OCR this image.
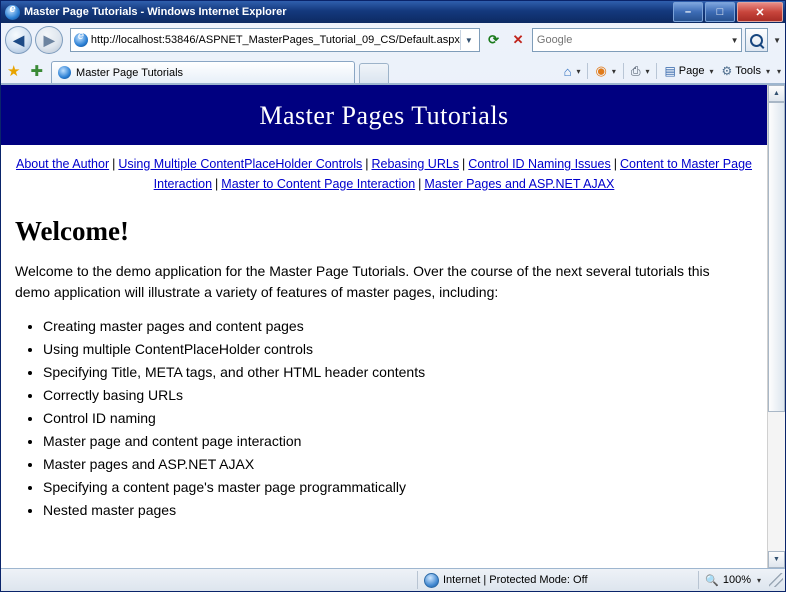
e
Master Page Tutorials - Windows Internet Explorer	–	□	✕
◀	▶ e	http://localhost:53846/ASPNET_MasterPages_Tutorial_09_CS/Default.aspx ▼	⟳	✕
Google	▼	▼
★ ✚	Master Page Tutorials	⌂ ▾ ◉ ▾ ⎙ ▾ ▤ Page ▾ ⚙ Tools ▾ ▾
Master Pages Tutorials
About the Author | Using Multiple ContentPlaceHolder Controls | Rebasing URLs | Control ID Naming Issues | Content to Master Page Interaction | Master to Content Page Interaction | Master Pages and ASP.NET AJAX
Welcome!

Welcome to the demo application for the Master Page Tutorials. Over the course of the next several tutorials this demo application will illustrate a variety of features of master pages, including:

• Creating master pages and content pages
• Using multiple ContentPlaceHolder controls
• Specifying Title, META tags, and other HTML header contents
• Correctly basing URLs
• Control ID naming
• Master page and content page interaction
• Master pages and ASP.NET AJAX
• Specifying a content page's master page programmatically
• Nested master pages
▲
▼
Internet | Protected Mode: Off	🔍 100% ▾
